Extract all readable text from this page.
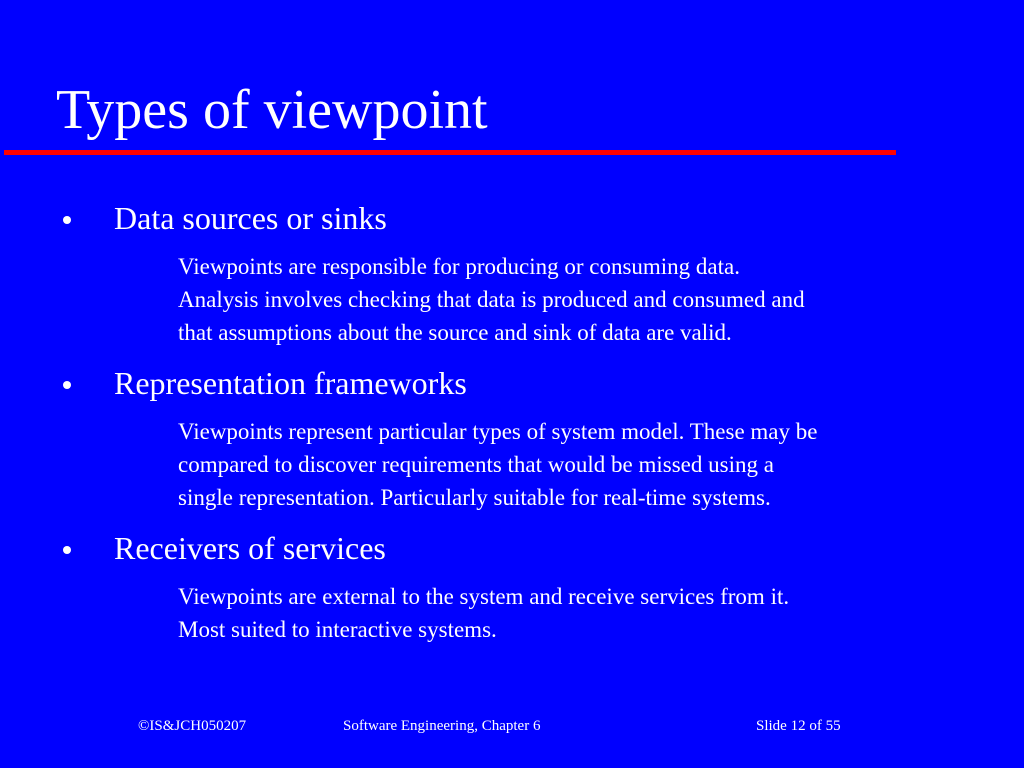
Types of viewpoint
Data sources or sinks
Viewpoints are responsible for producing or consuming data.
Analysis involves checking that data is produced and consumed and
that assumptions about the source and sink of data are valid.
Representation frameworks
Viewpoints represent particular types of system model. These may be
compared to discover requirements that would be missed using a
single representation. Particularly suitable for real-time systems.
Receivers of services
Viewpoints are external to the system and receive services from it.
Most suited to interactive systems.
©IS&JCH050207	Software Engineering, Chapter 6	Slide 12 of 55
